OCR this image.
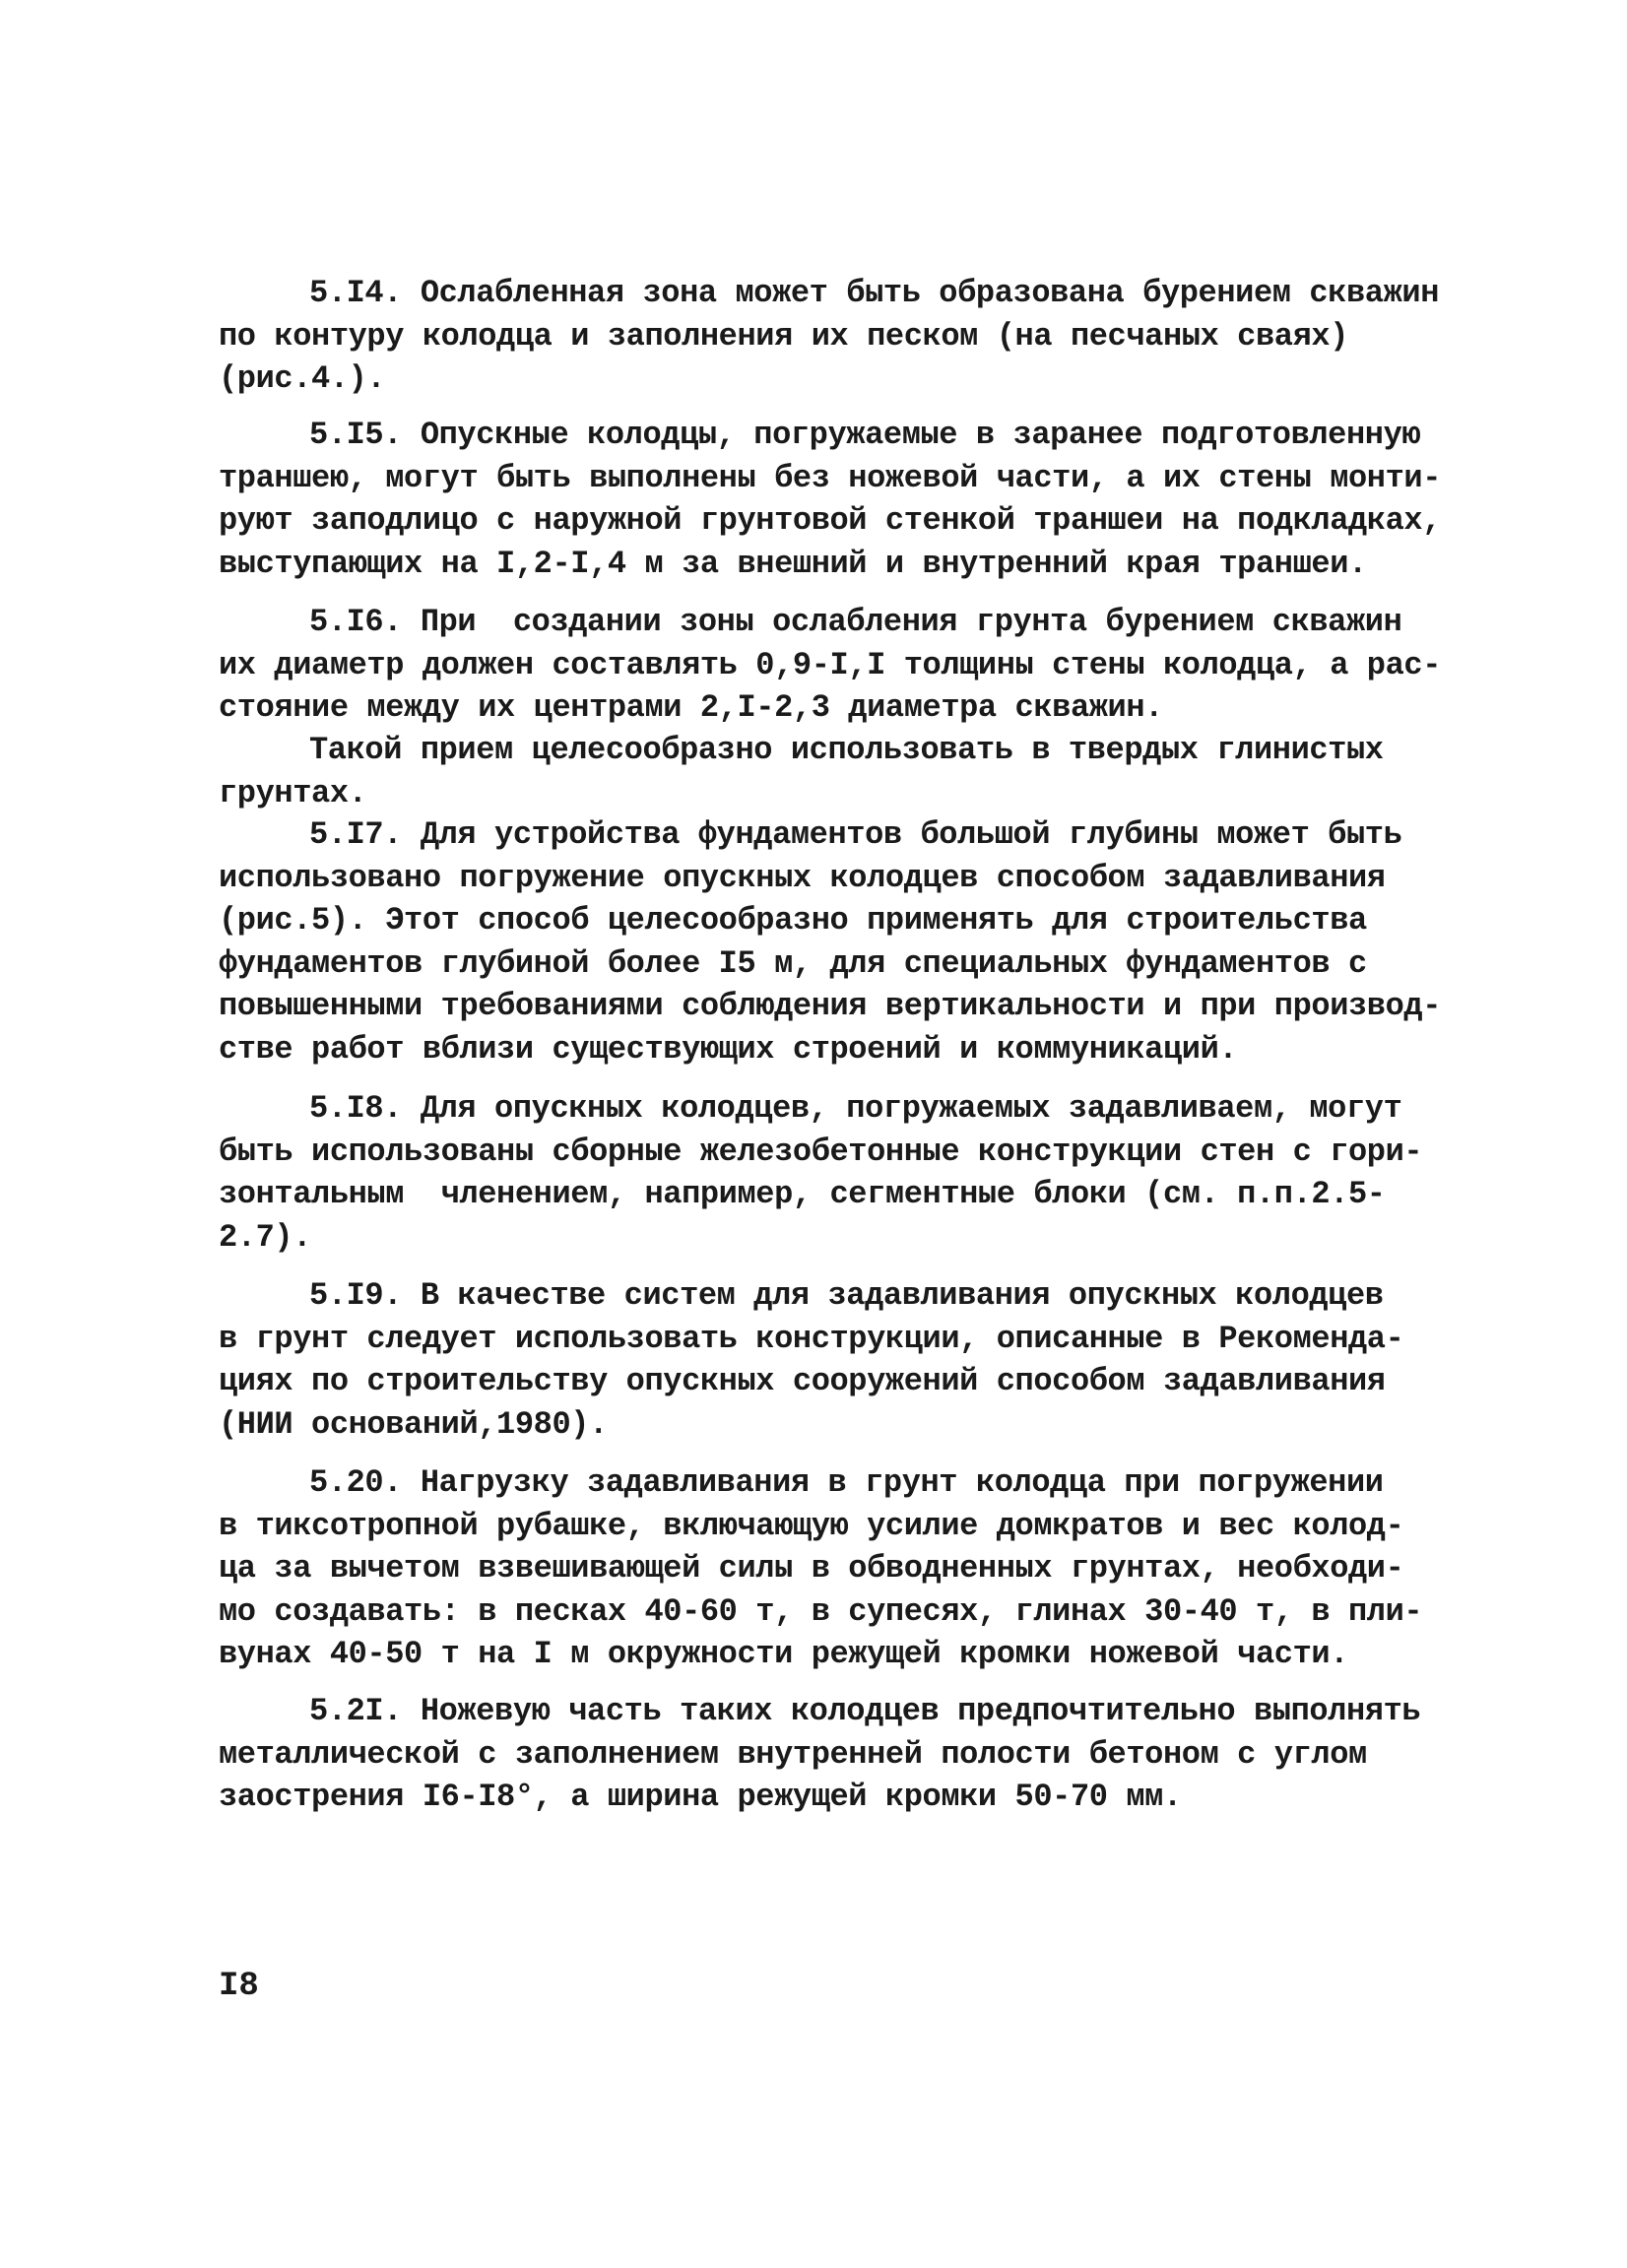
5.I4. Ослабленная зона может быть образована бурением скважин
по контуру колодца и заполнения их песком (на песчаных сваях)
(рис.4.).
5.I5. Опускные колодцы, погружаемые в заранее подготовленную
траншею, могут быть выполнены без ножевой части, а их стены монти-
руют заподлицо с наружной грунтовой стенкой траншеи на подкладках,
выступающих на I,2-I,4 м за внешний и внутренний края траншеи.
5.I6. При  создании зоны ослабления грунта бурением скважин
их диаметр должен составлять 0,9-I,I толщины стены колодца, а рас-
стояние между их центрами 2,I-2,3 диаметра скважин.
Такой прием целесообразно использовать в твердых глинистых
грунтах.
5.I7. Для устройства фундаментов большой глубины может быть
использовано погружение опускных колодцев способом задавливания
(рис.5). Этот способ целесообразно применять для строительства
фундаментов глубиной более I5 м, для специальных фундаментов с
повышенными требованиями соблюдения вертикальности и при производ-
стве работ вблизи существующих строений и коммуникаций.
5.I8. Для опускных колодцев, погружаемых задавливаем, могут
быть использованы сборные железобетонные конструкции стен с гори-
зонтальным  членением, например, сегментные блоки (см. п.п.2.5-
2.7).
5.I9. В качестве систем для задавливания опускных колодцев
в грунт следует использовать конструкции, описанные в Рекоменда-
циях по строительству опускных сооружений способом задавливания
(НИИ оснований,1980).
5.20. Нагрузку задавливания в грунт колодца при погружении
в тиксотропной рубашке, включающую усилие домкратов и вес колод-
ца за вычетом взвешивающей силы в обводненных грунтах, необходи-
мо создавать: в песках 40-60 т, в супесях, глинах 30-40 т, в пли-
вунах 40-50 т на I м окружности режущей кромки ножевой части.
5.2I. Ножевую часть таких колодцев предпочтительно выполнять
металлической с заполнением внутренней полости бетоном с углом
заострения I6-I8°, а ширина режущей кромки 50-70 мм.

I8
